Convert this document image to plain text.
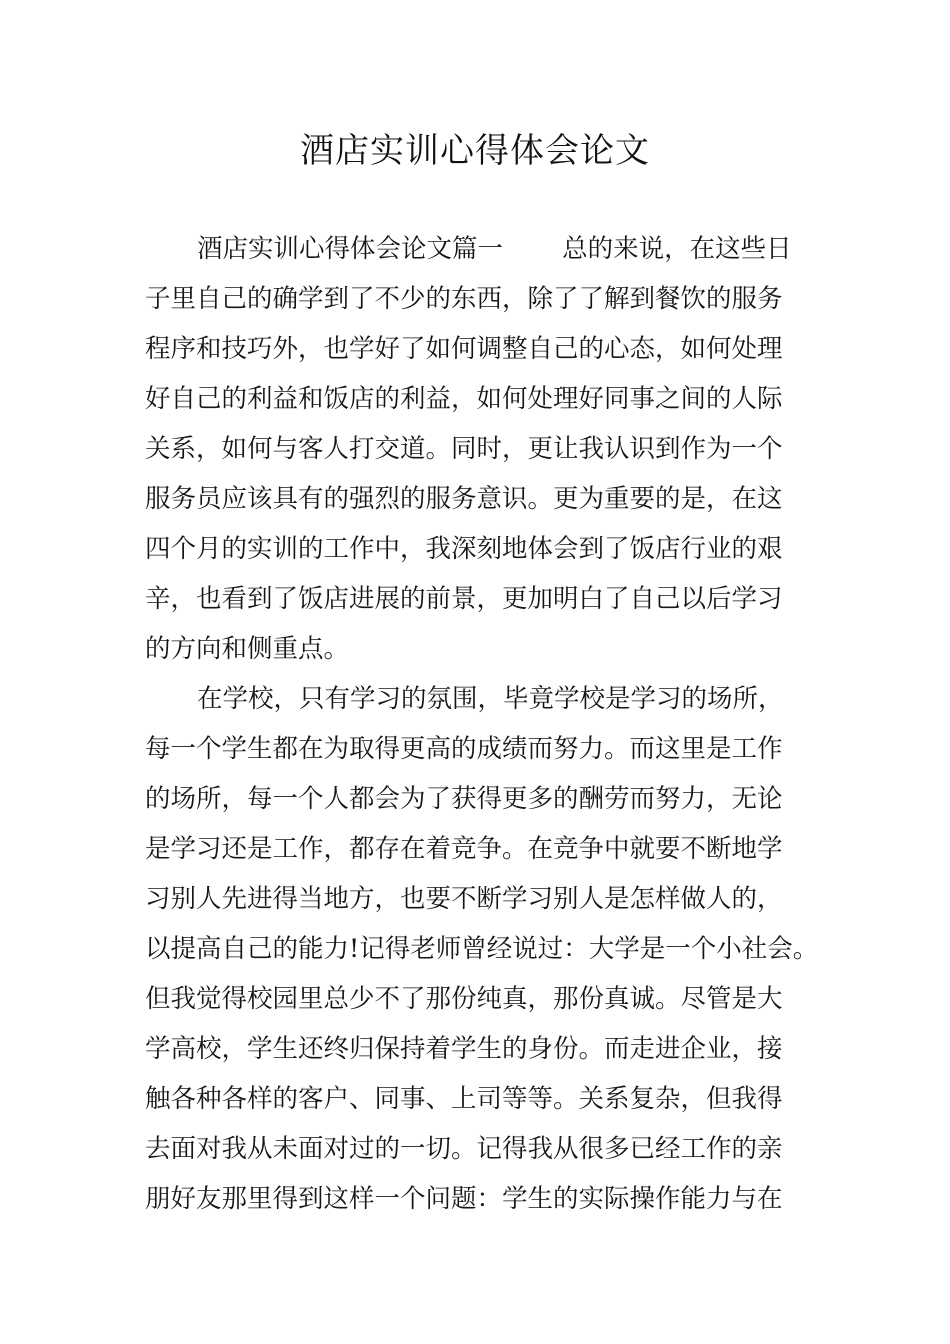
酒店实训心得体会论文
酒店实训心得体会论文篇一　　 总的来说，在这些日
子里自己的确学到了不少的东西，除了了解到餐饮的服务
程序和技巧外，也学好了如何调整自己的心态，如何处理
好自己的利益和饭店的利益，如何处理好同事之间的人际
关系，如何与客人打交道。同时，更让我认识到作为一个
服务员应该具有的强烈的服务意识。更为重要的是，在这
四个月的实训的工作中，我深刻地体会到了饭店行业的艰
辛，也看到了饭店进展的前景，更加明白了自己以后学习
的方向和侧重点。
在学校，只有学习的氛围，毕竟学校是学习的场所，
每一个学生都在为取得更高的成绩而努力。而这里是工作
的场所，每一个人都会为了获得更多的酬劳而努力，无论
是学习还是工作，都存在着竞争。在竞争中就要不断地学
习别人先进得当地方，也要不断学习别人是怎样做人的，
以提高自己的能力!记得老师曾经说过：大学是一个小社会。
但我觉得校园里总少不了那份纯真，那份真诚。尽管是大
学高校，学生还终归保持着学生的身份。而走进企业，接
触各种各样的客户、同事、上司等等。关系复杂，但我得
去面对我从未面对过的一切。记得我从很多已经工作的亲
朋好友那里得到这样一个问题：学生的实际操作能力与在
